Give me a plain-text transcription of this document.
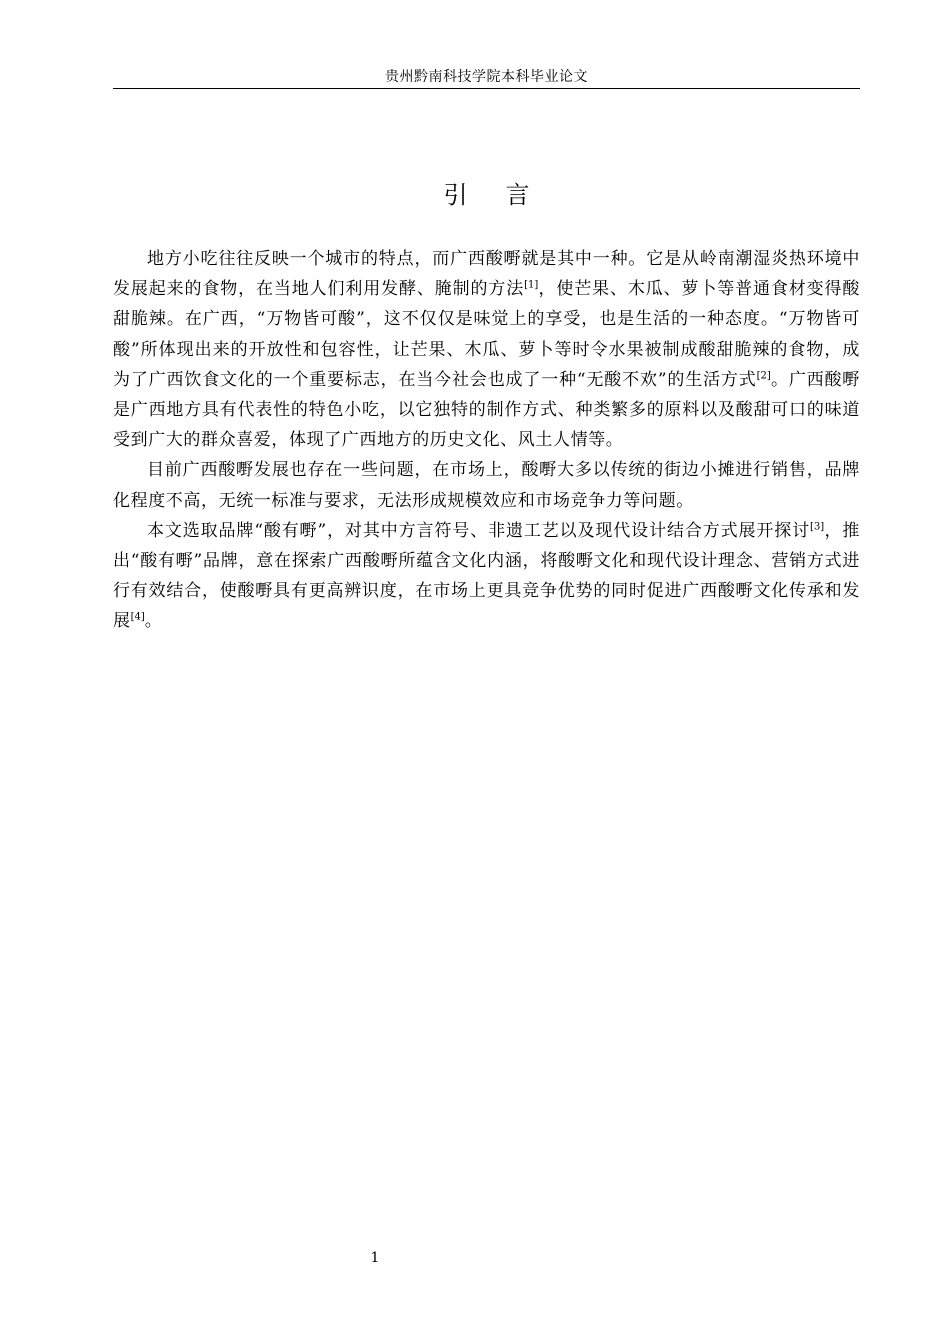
贵州黔南科技学院本科毕业论文
引言

地方小吃往往反映一个城市的特点，而广西酸嘢就是其中一种。它是从岭南潮湿炎热环境中发展起来的食物，在当地人们利用发酵、腌制的方法[1]，使芒果、木瓜、萝卜等普通食材变得酸甜脆辣。在广西，“万物皆可酸”，这不仅仅是味觉上的享受，也是生活的一种态度。“万物皆可酸”所体现出来的开放性和包容性，让芒果、木瓜、萝卜等时令水果被制成酸甜脆辣的食物，成为了广西饮食文化的一个重要标志，在当今社会也成了一种“无酸不欢”的生活方式[2]。广西酸嘢是广西地方具有代表性的特色小吃，以它独特的制作方式、种类繁多的原料以及酸甜可口的味道受到广大的群众喜爱，体现了广西地方的历史文化、风土人情等。

目前广西酸嘢发展也存在一些问题，在市场上，酸嘢大多以传统的街边小摊进行销售，品牌化程度不高，无统一标准与要求，无法形成规模效应和市场竞争力等问题。

本文选取品牌“酸有嘢”，对其中方言符号、非遗工艺以及现代设计结合方式展开探讨[3]，推出“酸有嘢”品牌，意在探索广西酸嘢所蕴含文化内涵，将酸嘢文化和现代设计理念、营销方式进行有效结合，使酸嘢具有更高辨识度，在市场上更具竞争优势的同时促进广西酸嘢文化传承和发展[4]。

1
